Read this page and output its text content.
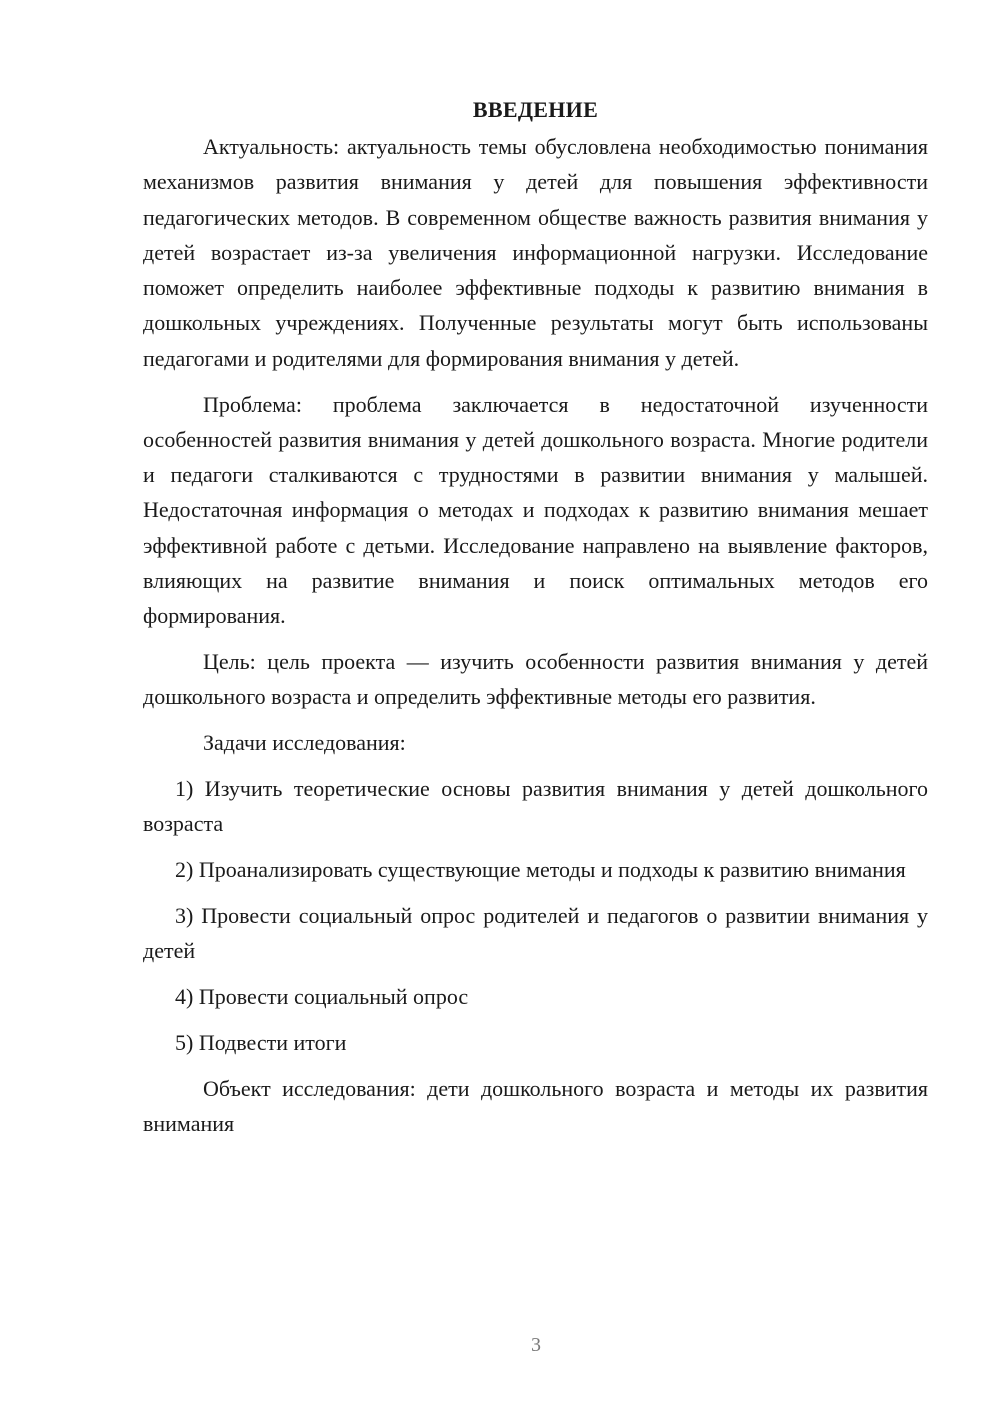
ВВЕДЕНИЕ

Актуальность: актуальность темы обусловлена необходимостью понимания механизмов развития внимания у детей для повышения эффективности педагогических методов. В современном обществе важность развития внимания у детей возрастает из-за увеличения информационной нагрузки. Исследование поможет определить наиболее эффективные подходы к развитию внимания в дошкольных учреждениях. Полученные результаты могут быть использованы педагогами и родителями для формирования внимания у детей.

Проблема: проблема заключается в недостаточной изученности особенностей развития внимания у детей дошкольного возраста. Многие родители и педагоги сталкиваются с трудностями в развитии внимания у малышей. Недостаточная информация о методах и подходах к развитию внимания мешает эффективной работе с детьми. Исследование направлено на выявление факторов, влияющих на развитие внимания и поиск оптимальных методов его формирования.

Цель: цель проекта — изучить особенности развития внимания у детей дошкольного возраста и определить эффективные методы его развития.

Задачи исследования:

1) Изучить теоретические основы развития внимания у детей дошкольного возраста

2) Проанализировать существующие методы и подходы к развитию внимания

3) Провести социальный опрос родителей и педагогов о развитии внимания у детей

4) Провести социальный опрос

5) Подвести итоги

Объект исследования: дети дошкольного возраста и методы их развития внимания

3
